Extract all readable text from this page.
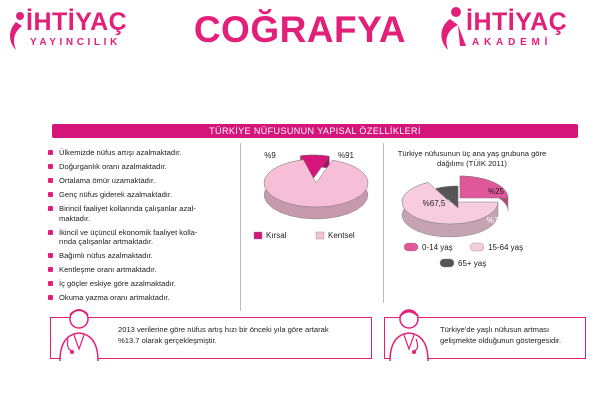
İHTİYAÇ
YAYINCILIK	COĞRAFYA	İHTİYAÇ
AKADEMİ
TÜRKİYE NÜFUSUNUN YAPISAL ÖZELLİKLERİ
Ülkemizde nüfus artışı azalmaktadır.
Doğurganlık oranı azalmaktadır.
Ortalama ömür uzamaktadır.
Genç nüfus giderek azalmaktadır.
Birincil faaliyet kollarında çalışanlar azal-
maktadır.
İkincil ve üçüncül ekonomik faaliyet kolla-
rında çalışanlar artmaktadır.
Bağımlı nüfus azalmaktadır.
Kentleşme oranı artmaktadır.
İç göçler eskiye göre azalmaktadır.
Okuma yazma oranı artmaktadır.
%9	%91
Kırsal	Kentsel
Türkiye nüfusunun üç ana yaş grubuna göre dağılımı (TÜİK 2011)
%25
%67,5
%7,5
0-14 yaş	15-64 yaş
65+ yaş
2013 verilerine göre nüfus artış hızı bir önceki yıla göre artarak
%13.7 olarak gerçekleşmiştir.
Türkiye'de yaşlı nüfusun artması
gelişmekte olduğunun göstergesidir.
